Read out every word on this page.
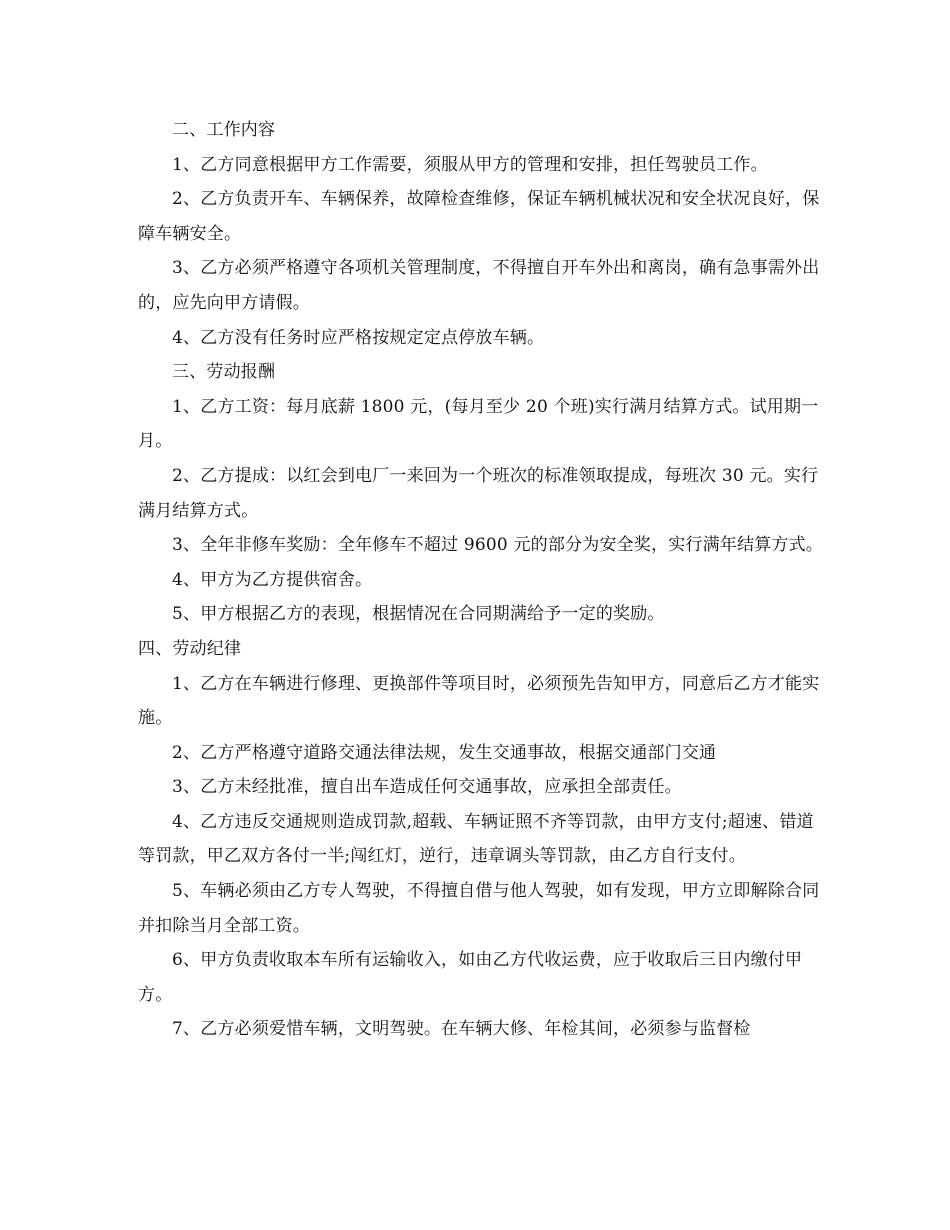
二、工作内容

1、乙方同意根据甲方工作需要，须服从甲方的管理和安排，担任驾驶员工作。

2、乙方负责开车、车辆保养，故障检查维修，保证车辆机械状况和安全状况良好，保障车辆安全。

3、乙方必须严格遵守各项机关管理制度，不得擅自开车外出和离岗，确有急事需外出的，应先向甲方请假。

4、乙方没有任务时应严格按规定定点停放车辆。

三、劳动报酬

1、乙方工资：每月底薪 1800 元，(每月至少 20 个班)实行满月结算方式。试用期一月。

2、乙方提成：以红会到电厂一来回为一个班次的标准领取提成，每班次 30 元。实行满月结算方式。

3、全年非修车奖励：全年修车不超过 9600 元的部分为安全奖，实行满年结算方式。

4、甲方为乙方提供宿舍。

5、甲方根据乙方的表现，根据情况在合同期满给予一定的奖励。

四、劳动纪律

1、乙方在车辆进行修理、更换部件等项目时，必须预先告知甲方，同意后乙方才能实施。

2、乙方严格遵守道路交通法律法规，发生交通事故，根据交通部门交通

3、乙方未经批准，擅自出车造成任何交通事故，应承担全部责任。

4、乙方违反交通规则造成罚款,超载、车辆证照不齐等罚款，由甲方支付;超速、错道等罚款，甲乙双方各付一半;闯红灯，逆行，违章调头等罚款，由乙方自行支付。

5、车辆必须由乙方专人驾驶，不得擅自借与他人驾驶，如有发现，甲方立即解除合同并扣除当月全部工资。

6、甲方负责收取本车所有运输收入，如由乙方代收运费，应于收取后三日内缴付甲方。

7、乙方必须爱惜车辆，文明驾驶。在车辆大修、年检其间，必须参与监督检
